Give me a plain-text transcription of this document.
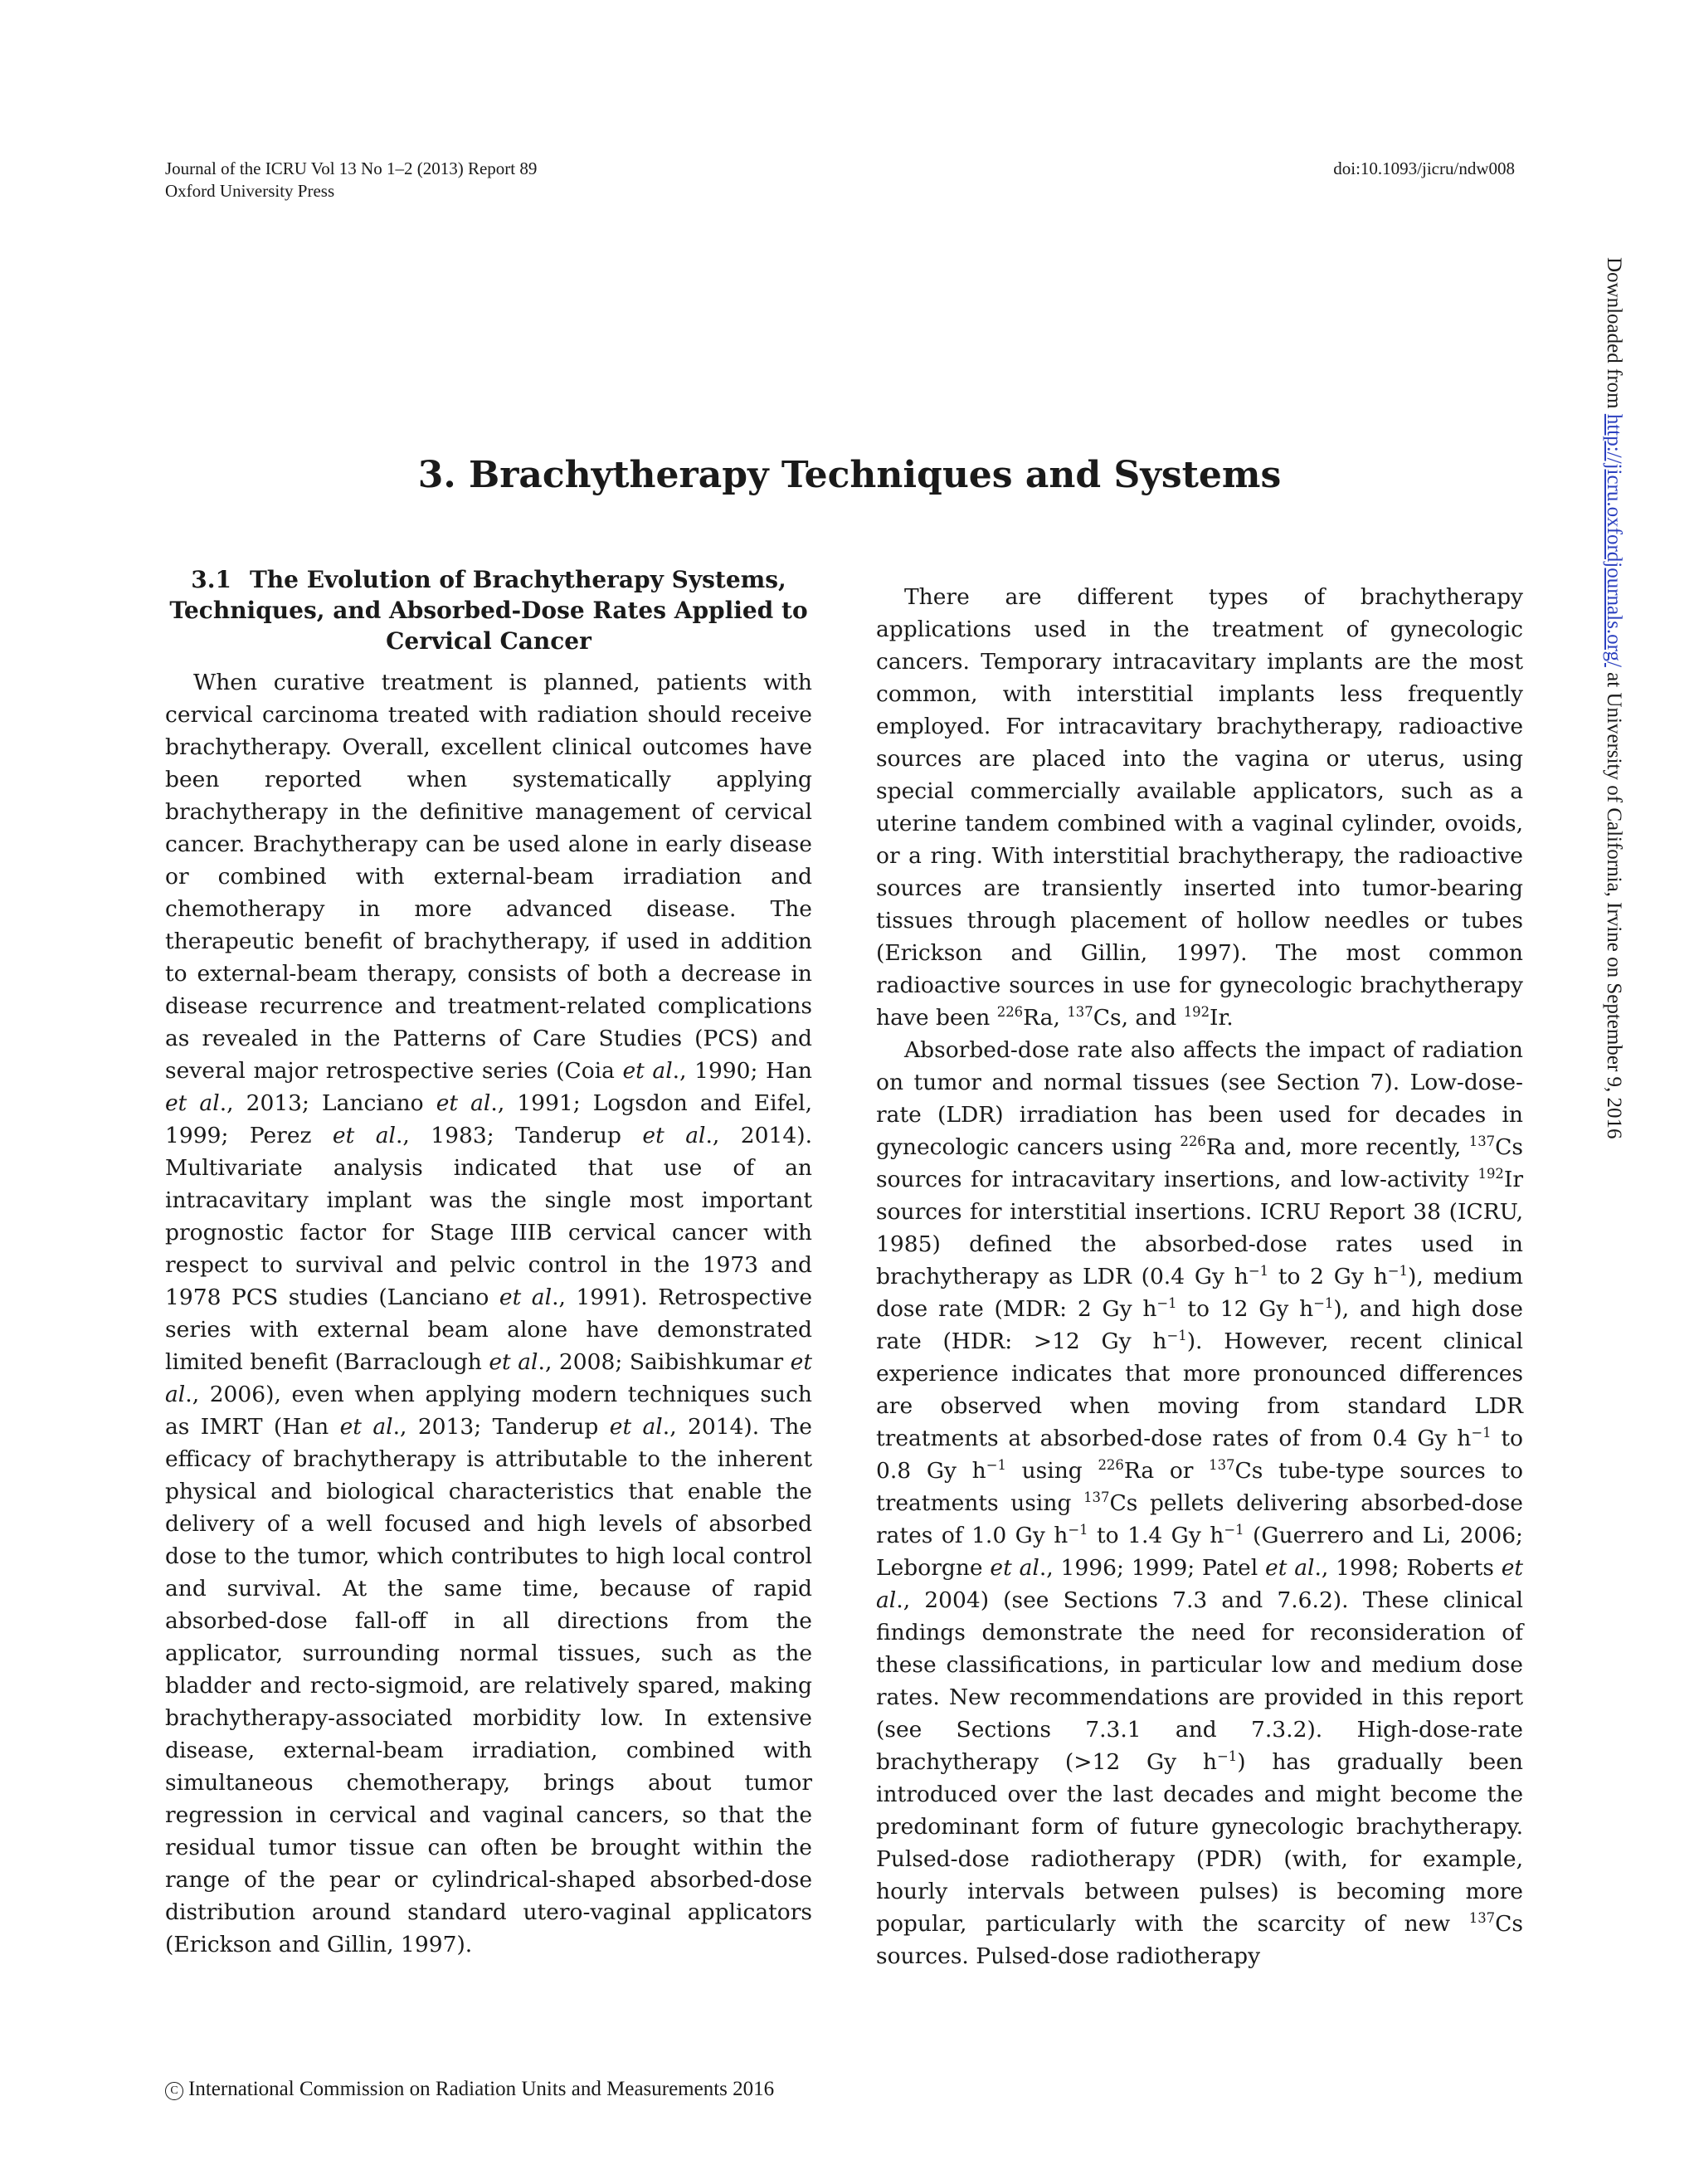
Journal of the ICRU Vol 13 No 1–2 (2013) Report 89
Oxford University Press
doi:10.1093/jicru/ndw008
3. Brachytherapy Techniques and Systems
3.1 The Evolution of Brachytherapy Systems, Techniques, and Absorbed-Dose Rates Applied to Cervical Cancer

When curative treatment is planned, patients with cervical carcinoma treated with radiation should receive brachytherapy. Overall, excellent clinical outcomes have been reported when systematically applying brachytherapy in the definitive management of cervical cancer. Brachytherapy can be used alone in early disease or combined with external-beam irradiation and chemotherapy in more advanced disease. The therapeutic benefit of brachytherapy, if used in addition to external-beam therapy, consists of both a decrease in disease recurrence and treatment-related complications as revealed in the Patterns of Care Studies (PCS) and several major retrospective series (Coia et al., 1990; Han et al., 2013; Lanciano et al., 1991; Logsdon and Eifel, 1999; Perez et al., 1983; Tanderup et al., 2014). Multivariate analysis indicated that use of an intracavitary implant was the single most important prognostic factor for Stage IIIB cervical cancer with respect to survival and pelvic control in the 1973 and 1978 PCS studies (Lanciano et al., 1991). Retrospective series with external beam alone have demonstrated limited benefit (Barraclough et al., 2008; Saibishkumar et al., 2006), even when applying modern techniques such as IMRT (Han et al., 2013; Tanderup et al., 2014). The efficacy of brachytherapy is attributable to the inherent physical and biological characteristics that enable the delivery of a well focused and high levels of absorbed dose to the tumor, which contributes to high local control and survival. At the same time, because of rapid absorbed-dose fall-off in all directions from the applicator, surrounding normal tissues, such as the bladder and recto-sigmoid, are relatively spared, making brachytherapy-associated morbidity low. In extensive disease, external-beam irradiation, combined with simultaneous chemotherapy, brings about tumor regression in cervical and vaginal cancers, so that the residual tumor tissue can often be brought within the range of the pear or cylindrical-shaped absorbed-dose distribution around standard utero-vaginal applicators (Erickson and Gillin, 1997).

There are different types of brachytherapy applications used in the treatment of gynecologic cancers. Temporary intracavitary implants are the most common, with interstitial implants less frequently employed. For intracavitary brachytherapy, radioactive sources are placed into the vagina or uterus, using special commercially available applicators, such as a uterine tandem combined with a vaginal cylinder, ovoids, or a ring. With interstitial brachytherapy, the radioactive sources are transiently inserted into tumor-bearing tissues through placement of hollow needles or tubes (Erickson and Gillin, 1997). The most common radioactive sources in use for gynecologic brachytherapy have been $^{226}$Ra, $^{137}$Cs, and $^{192}$Ir.

Absorbed-dose rate also affects the impact of radiation on tumor and normal tissues (see Section 7). Low-dose-rate (LDR) irradiation has been used for decades in gynecologic cancers using $^{226}$Ra and, more recently, $^{137}$Cs sources for intracavitary insertions, and low-activity $^{192}$Ir sources for interstitial insertions. ICRU Report 38 (ICRU, 1985) defined the absorbed-dose rates used in brachytherapy as LDR (0.4 Gy $h^{-1}$ to 2 Gy $h^{-1}$), medium dose rate (MDR: 2 Gy $h^{-1}$ to 12 Gy $h^{-1}$), and high dose rate (HDR: >12 Gy $h^{-1}$). However, recent clinical experience indicates that more pronounced differences are observed when moving from standard LDR treatments at absorbed-dose rates of from 0.4 Gy $h^{-1}$ to 0.8 Gy $h^{-1}$ using $^{226}$Ra or $^{137}$Cs tube-type sources to treatments using $^{137}$Cs pellets delivering absorbed-dose rates of 1.0 Gy $h^{-1}$ to 1.4 Gy $h^{-1}$ (Guerrero and Li, 2006; Leborgne et al., 1996; 1999; Patel et al., 1998; Roberts et al., 2004) (see Sections 7.3 and 7.6.2). These clinical findings demonstrate the need for reconsideration of these classifications, in particular low and medium dose rates. New recommendations are provided in this report (see Sections 7.3.1 and 7.3.2). High-dose-rate brachytherapy (>12 Gy $h^{-1}$) has gradually been introduced over the last decades and might become the predominant form of future gynecologic brachytherapy. Pulsed-dose radiotherapy (PDR) (with, for example, hourly intervals between pulses) is becoming more popular, particularly with the scarcity of new $^{137}$Cs sources. Pulsed-dose radiotherapy

C International Commission on Radiation Units and Measurements 2016
Downloaded from http://jicru.oxfordjournals.org/ at University of California, Irvine on September 9, 2016
